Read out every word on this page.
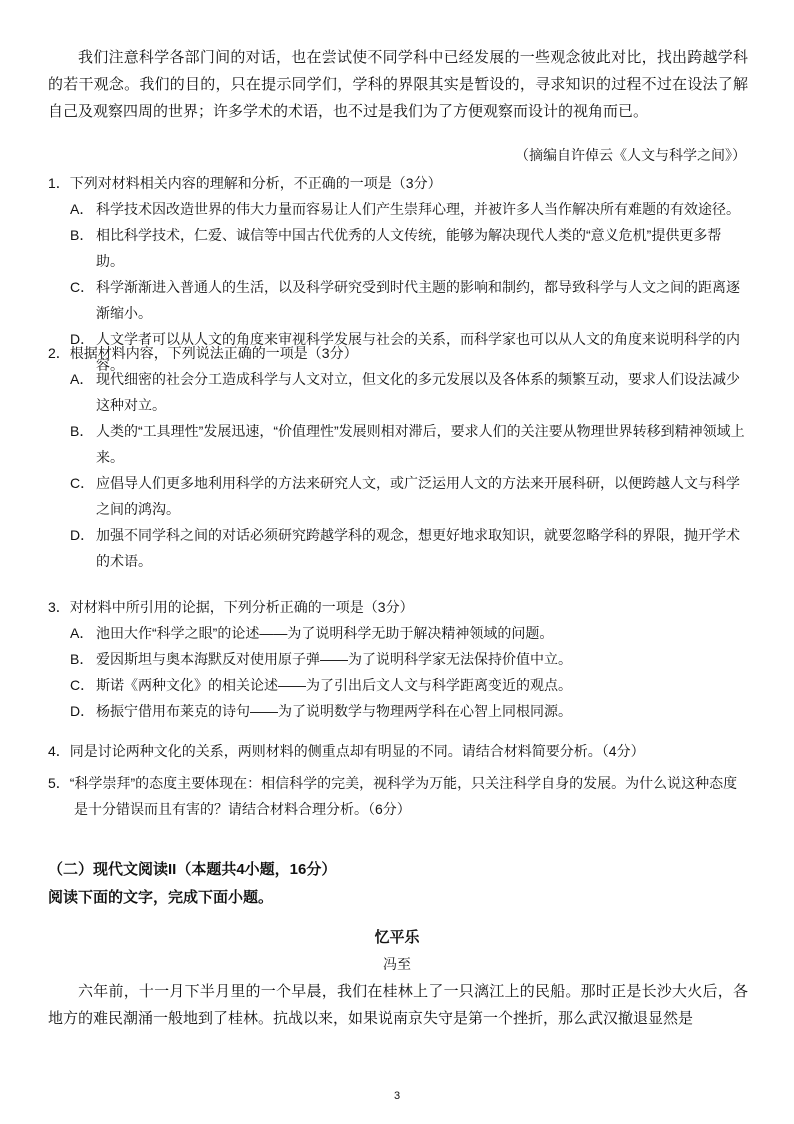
我们注意科学各部门间的对话，也在尝试使不同学科中已经发展的一些观念彼此对比，找出跨越学科的若干观念。我们的目的，只在提示同学们，学科的界限其实是暂设的，寻求知识的过程不过在设法了解自己及观察四周的世界；许多学术的术语，也不过是我们为了方便观察而设计的视角而已。
（摘编自许倬云《人文与科学之间》）
1．下列对材料相关内容的理解和分析，不正确的一项是（3分）
A． 科学技术因改造世界的伟大力量而容易让人们产生崇拜心理，并被许多人当作解决所有难题的有效途径。
B． 相比科学技术，仁爱、诚信等中国古代优秀的人文传统，能够为解决现代人类的“意义危机”提供更多帮助。
C． 科学渐渐进入普通人的生活，以及科学研究受到时代主题的影响和制约，都导致科学与人文之间的距离逐渐缩小。
D． 人文学者可以从人文的角度来审视科学发展与社会的关系，而科学家也可以从人文的角度来说明科学的内容。
2．根据材料内容，下列说法正确的一项是（3分）
A． 现代细密的社会分工造成科学与人文对立，但文化的多元发展以及各体系的频繁互动，要求人们设法减少这种对立。
B． 人类的“工具理性”发展迅速，“价值理性”发展则相对滞后，要求人们的关注要从物理世界转移到精神领域上来。
C． 应倡导人们更多地利用科学的方法来研究人文，或广泛运用人文的方法来开展科研，以便跨越人文与科学之间的鸿沟。
D． 加强不同学科之间的对话必须研究跨越学科的观念，想更好地求取知识，就要忽略学科的界限，抛开学术的术语。
3．对材料中所引用的论据，下列分析正确的一项是（3分）
A． 池田大作“科学之眼”的论述——为了说明科学无助于解决精神领域的问题。
B． 爱因斯坦与奥本海默反对使用原子弹——为了说明科学家无法保持价值中立。
C． 斯诺《两种文化》的相关论述——为了引出后文人文与科学距离变近的观点。
D． 杨振宁借用布莱克的诗句——为了说明数学与物理两学科在心智上同根同源。
4．同是讨论两种文化的关系，两则材料的侧重点却有明显的不同。请结合材料简要分析。（4分）
5．“科学崇拜”的态度主要体现在：相信科学的完美，视科学为万能，只关注科学自身的发展。为什么说这种态度是十分错误而且有害的？请结合材料合理分析。（6分）
（二）现代文阅读II（本题共4小题，16分）
阅读下面的文字，完成下面小题。
忆平乐
冯至
六年前，十一月下半月里的一个早晨，我们在桂林上了一只漓江上的民船。那时正是长沙大火后，各地方的难民潮涌一般地到了桂林。抗战以来，如果说南京失守是第一个挫折，那么武汉撤退显然是
3
